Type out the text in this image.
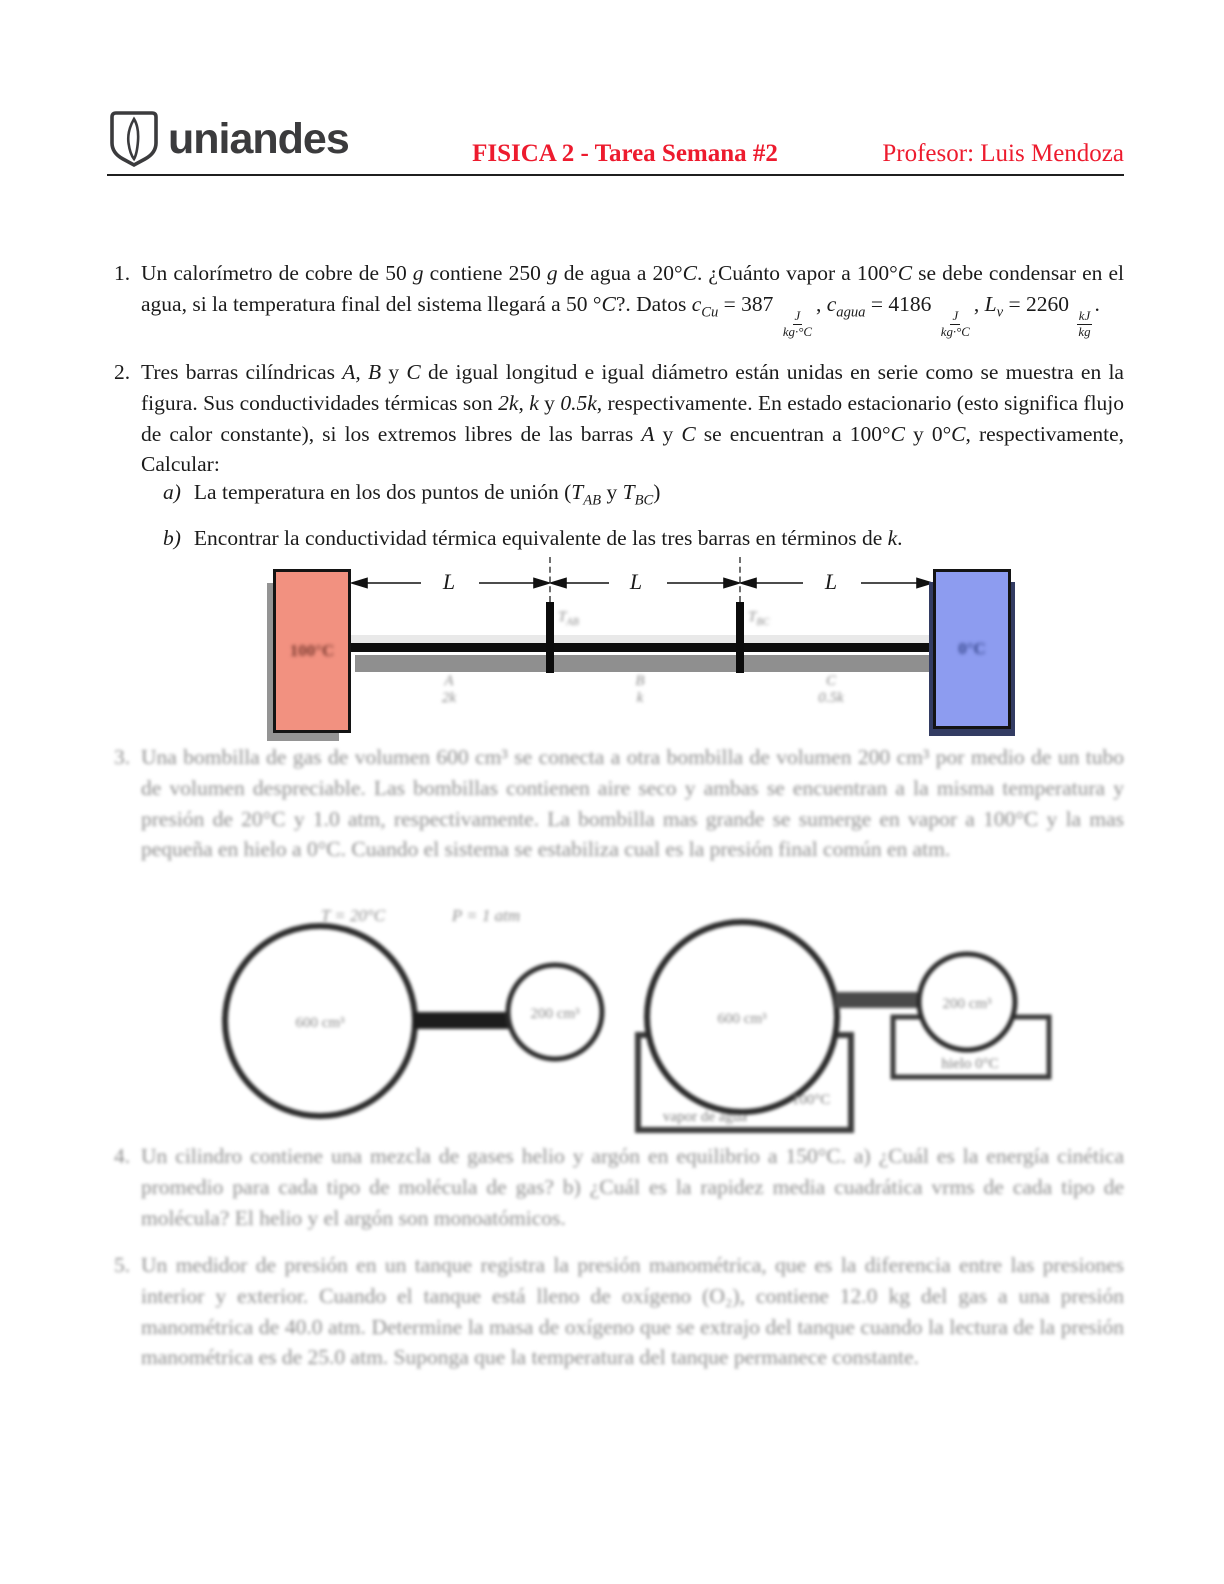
uniandes	FISICA 2 - Tarea Semana #2	Profesor: Luis Mendoza
1. Un calorímetro de cobre de 50 g contiene 250 g de agua a 20°C. ¿Cuánto vapor a 100°C se debe condensar en el agua, si la temperatura final del sistema llegará a 50 °C?. Datos $c_{Cu} = 387$
$\frac{J}{kg\cdot^\circ C}$
, $c_{agua} = 4186$
$\frac{J}{kg\cdot^\circ C}$
, $L_v = 2260$
$\frac{kJ}{kg}$
.
2. Tres barras cilíndricas A, B y C de igual longitud e igual diámetro están unidas en serie como se muestra en la figura. Sus conductividades térmicas son 2k, k y 0.5k, respectivamente. En estado estacionario (esto significa flujo de calor constante), si los extremos libres de las barras A y C se encuentran a 100°C y 0°C, respectivamente, Calcular:
a) La temperatura en los dos puntos de unión ($T_{AB}$ y $T_{BC}$)
b) Encontrar la conductividad térmica equivalente de las tres barras en términos de k.
L	L	L
100°C	0°C
$T_{AB}$	$T_{BC}$
A
2k
B
k
C
0.5k
3. Una bombilla de gas de volumen 600 cm³ se conecta a otra bombilla de volumen 200 cm³ por medio de un tubo de volumen despreciable. Las bombillas contienen aire seco y ambas se encuentran a la misma temperatura y presión de 20°C y 1.0 atm, respectivamente. La bombilla mas grande se sumerge en vapor a 100°C y la mas pequeña en hielo a 0°C. Cuando el sistema se estabiliza cual es la presión final común en atm.
T = 20°C	P = 1 atm
600 cm³
200 cm³	600 cm³
200 cm³
vapor de agua
100°C
hielo 0°C
4. Un cilindro contiene una mezcla de gases helio y argón en equilibrio a 150°C. a) ¿Cuál es la energía cinética promedio para cada tipo de molécula de gas? b) ¿Cuál es la rapidez media cuadrática vrms de cada tipo de molécula? El helio y el argón son monoatómicos.
5. Un medidor de presión en un tanque registra la presión manométrica, que es la diferencia entre las presiones interior y exterior. Cuando el tanque está lleno de oxígeno (O₂), contiene 12.0 kg del gas a una presión manométrica de 40.0 atm. Determine la masa de oxígeno que se extrajo del tanque cuando la lectura de la presión manométrica es de 25.0 atm. Suponga que la temperatura del tanque permanece constante.
